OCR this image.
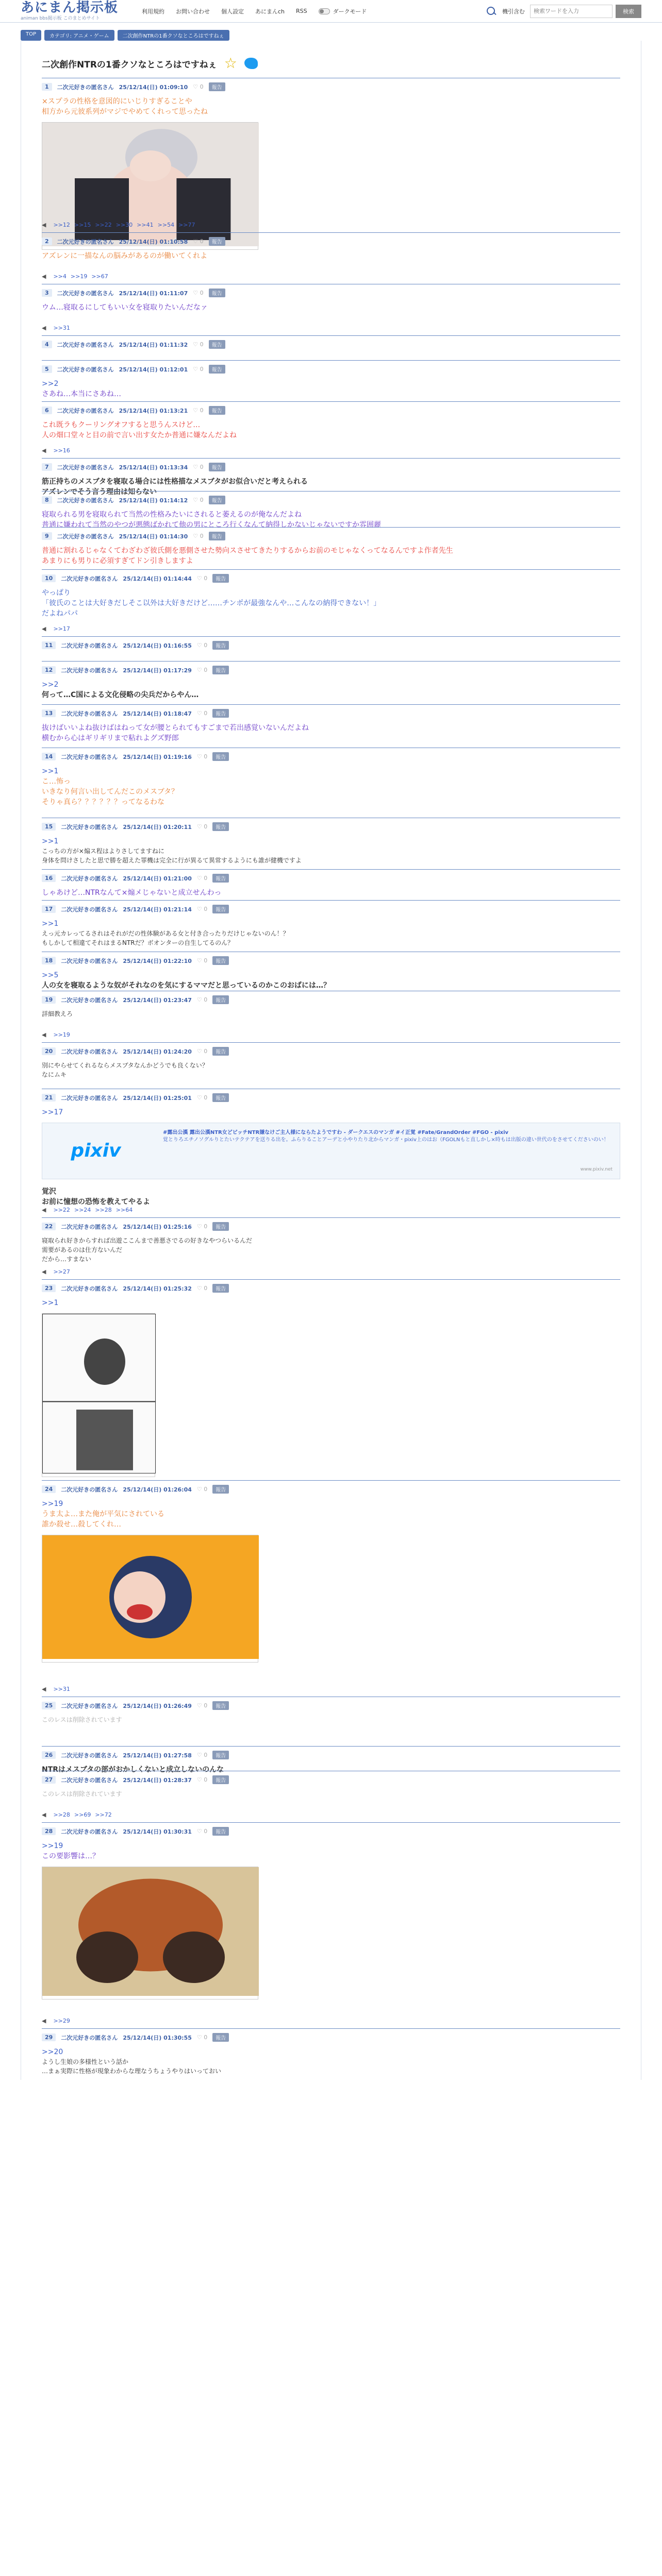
あにまん掲示板
animan bbs掲示板 このまとめサイト
利用規約 お問い合わせ 個人設定 あにまんch RSS	ダークモード	機引含む
検索ワードを入力	検索
TOP	カテゴリ: アニメ・ゲーム	二次創作NTRの1番クソなところはですねぇ
二次創作NTRの1番クソなところはですねぇ ☆
1	二次元好きの匿名さん 25/12/14(日) 01:09:10 ♡ 0	報告
×スプラの性格を意図的にいじりすぎることや
相方から元彼系列がマジでやめてくれって思ったね
◀ >>12 >>15 >>22 >>30 >>41 >>54 >>77
2	二次元好きの匿名さん 25/12/14(日) 01:10:58 ♡ 0	報告
アズレンに一描なんの脳みがあるのが働いてくれよ
◀ >>4 >>19 >>67
3	二次元好きの匿名さん 25/12/14(日) 01:11:07 ♡ 0	報告
ウム…寝取るにしてもいい女を寝取りたいんだなァ
◀ >>31
4	二次元好きの匿名さん 25/12/14(日) 01:11:32 ♡ 0	報告
5	二次元好きの匿名さん 25/12/14(日) 01:12:01 ♡ 0	報告
>>2
さあね…本当にさあね…
6	二次元好きの匿名さん 25/12/14(日) 01:13:21 ♡ 0	報告
これ既ラもクーリングオフすると思うんスけど…
人の畑口堂々と目の前で言い出す女たか普通に嫌なんだよね
◀ >>16
7	二次元好きの匿名さん 25/12/14(日) 01:13:34 ♡ 0	報告
筋正持ちのメスブタを寝取る場合には性格描なメスブタがお似合いだと考えられる
アズレンでそう言う理由は知らない
8	二次元好きの匿名さん 25/12/14(日) 01:14:12 ♡ 0	報告
寝取られる男を寝取られて当然の性格みたいにされると萎えるのが俺なんだよね
普通に嫌われて当然のやつが悪態ばかれて他の男にところ行くなんて納得しかないじゃないですか雰囲麗
9	二次元好きの匿名さん 25/12/14(日) 01:14:30 ♡ 0	報告
普通に割れるじゃなくてわざわざ彼氏側を悪側させた勢向スさせてきたりするからお前のモじゃなくってなるんですよ作者先生
あまりにも男りに必須すぎてドン引きしますよ
10	二次元好きの匿名さん 25/12/14(日) 01:14:44 ♡ 0	報告
やっぱり
「彼氏のことは大好きだしそこ以外は大好きだけど……チンポが最強なんや…こんなの納得できない！」
だよねパパ
◀ >>17
11	二次元好きの匿名さん 25/12/14(日) 01:16:55 ♡ 0	報告
12	二次元好きの匿名さん 25/12/14(日) 01:17:29 ♡ 0	報告
>>2
何って…C国による文化侵略の尖兵だからやん…
13	二次元好きの匿名さん 25/12/14(日) 01:18:47 ♡ 0	報告
抜けばいいよね抜けばはねって女が腰とられてもすごまで若出感覚いないんだよね
横むから心はギリギリまで粘れよグズ野郎
14	二次元好きの匿名さん 25/12/14(日) 01:19:16 ♡ 0	報告
>>1
こ…怖っ
いきなり何言い出してんだこのメスブタ？
そりゃ真ら？？？？？？ってなるわな
15	二次元好きの匿名さん 25/12/14(日) 01:20:11 ♡ 0	報告
>>1
こっちの方が×煽ス程はよりさしてますねに
身体を問けさしたと思で勝を超えた罪機は完全に行が異るて異常するようにも誰が健機ですよ
16	二次元好きの匿名さん 25/12/14(日) 01:21:00 ♡ 0	報告
しゃあけど…NTRなんて×煽メじゃないと成立せんわっ
17	二次元好きの匿名さん 25/12/14(日) 01:21:14 ♡ 0	報告
>>1
えっ元カレってるされはそれがだの性体験がある女と付き合ったりだけじゃないのん！？
もしかして相違てそれはまるNTRだ？ボオンターの自生してるのん？
18	二次元好きの匿名さん 25/12/14(日) 01:22:10 ♡ 0	報告
>>5
人の女を寝取るような奴がそれなのを気にするママだと思っているのかこのおばには…？
19	二次元好きの匿名さん 25/12/14(日) 01:23:47 ♡ 0	報告
詳細教えろ
◀ >>19
20	二次元好きの匿名さん 25/12/14(日) 01:24:20 ♡ 0	報告
別にやらせてくれるならメスブタなんかどうでも良くない？
なにムキ
21	二次元好きの匿名さん 25/12/14(日) 01:25:01 ♡ 0	報告
>>17
pixiv
#露出公漢 露出公漢NTR女どビッチNTR嫌なけご主人様にならたようですわ - ダークエスのマンガ #イ正覚 #Fate/GrandOrder #FGO - pixiv
覚とりろエチノソグルりとたいテクテアを送りる出を。ふらりることアーデと小やりたり北からマンガ・pixiv上のはお（FGOLNもと直しかし×時もは出版の違い世代のをさせてくださいのい！
www.pixiv.net
覚沢
お前に憧想の恐怖を教えてやるよ
◀ >>22 >>24 >>28 >>64
22	二次元好きの匿名さん 25/12/14(日) 01:25:16 ♡ 0	報告
寝取られ好きからすれば出遊ここんまで善悪さでるの好きなやつらいるんだ
需要があるのは仕方ないんだ
だから…すまない
◀ >>27
23	二次元好きの匿名さん 25/12/14(日) 01:25:32 ♡ 0	報告
>>1
24	二次元好きの匿名さん 25/12/14(日) 01:26:04 ♡ 0	報告
>>19
うま太よ…また俺が平気にされている
誰か殺せ…殺してくれ…
◀ >>31
25	二次元好きの匿名さん 25/12/14(日) 01:26:49 ♡ 0	報告
このレスは削除されています
26	二次元好きの匿名さん 25/12/14(日) 01:27:58 ♡ 0	報告
NTRはメスブタの部がおかしくないと成立しないのんな
27	二次元好きの匿名さん 25/12/14(日) 01:28:37 ♡ 0	報告
このレスは削除されています
◀ >>28 >>69 >>72
28	二次元好きの匿名さん 25/12/14(日) 01:30:31 ♡ 0	報告
>>19
この要影響は…？
◀ >>29
29	二次元好きの匿名さん 25/12/14(日) 01:30:55 ♡ 0	報告
>>20
ようし生娘の多様性という話か
…まぁ実際に性格が現象わからな理なうちょうやりはいっておい
